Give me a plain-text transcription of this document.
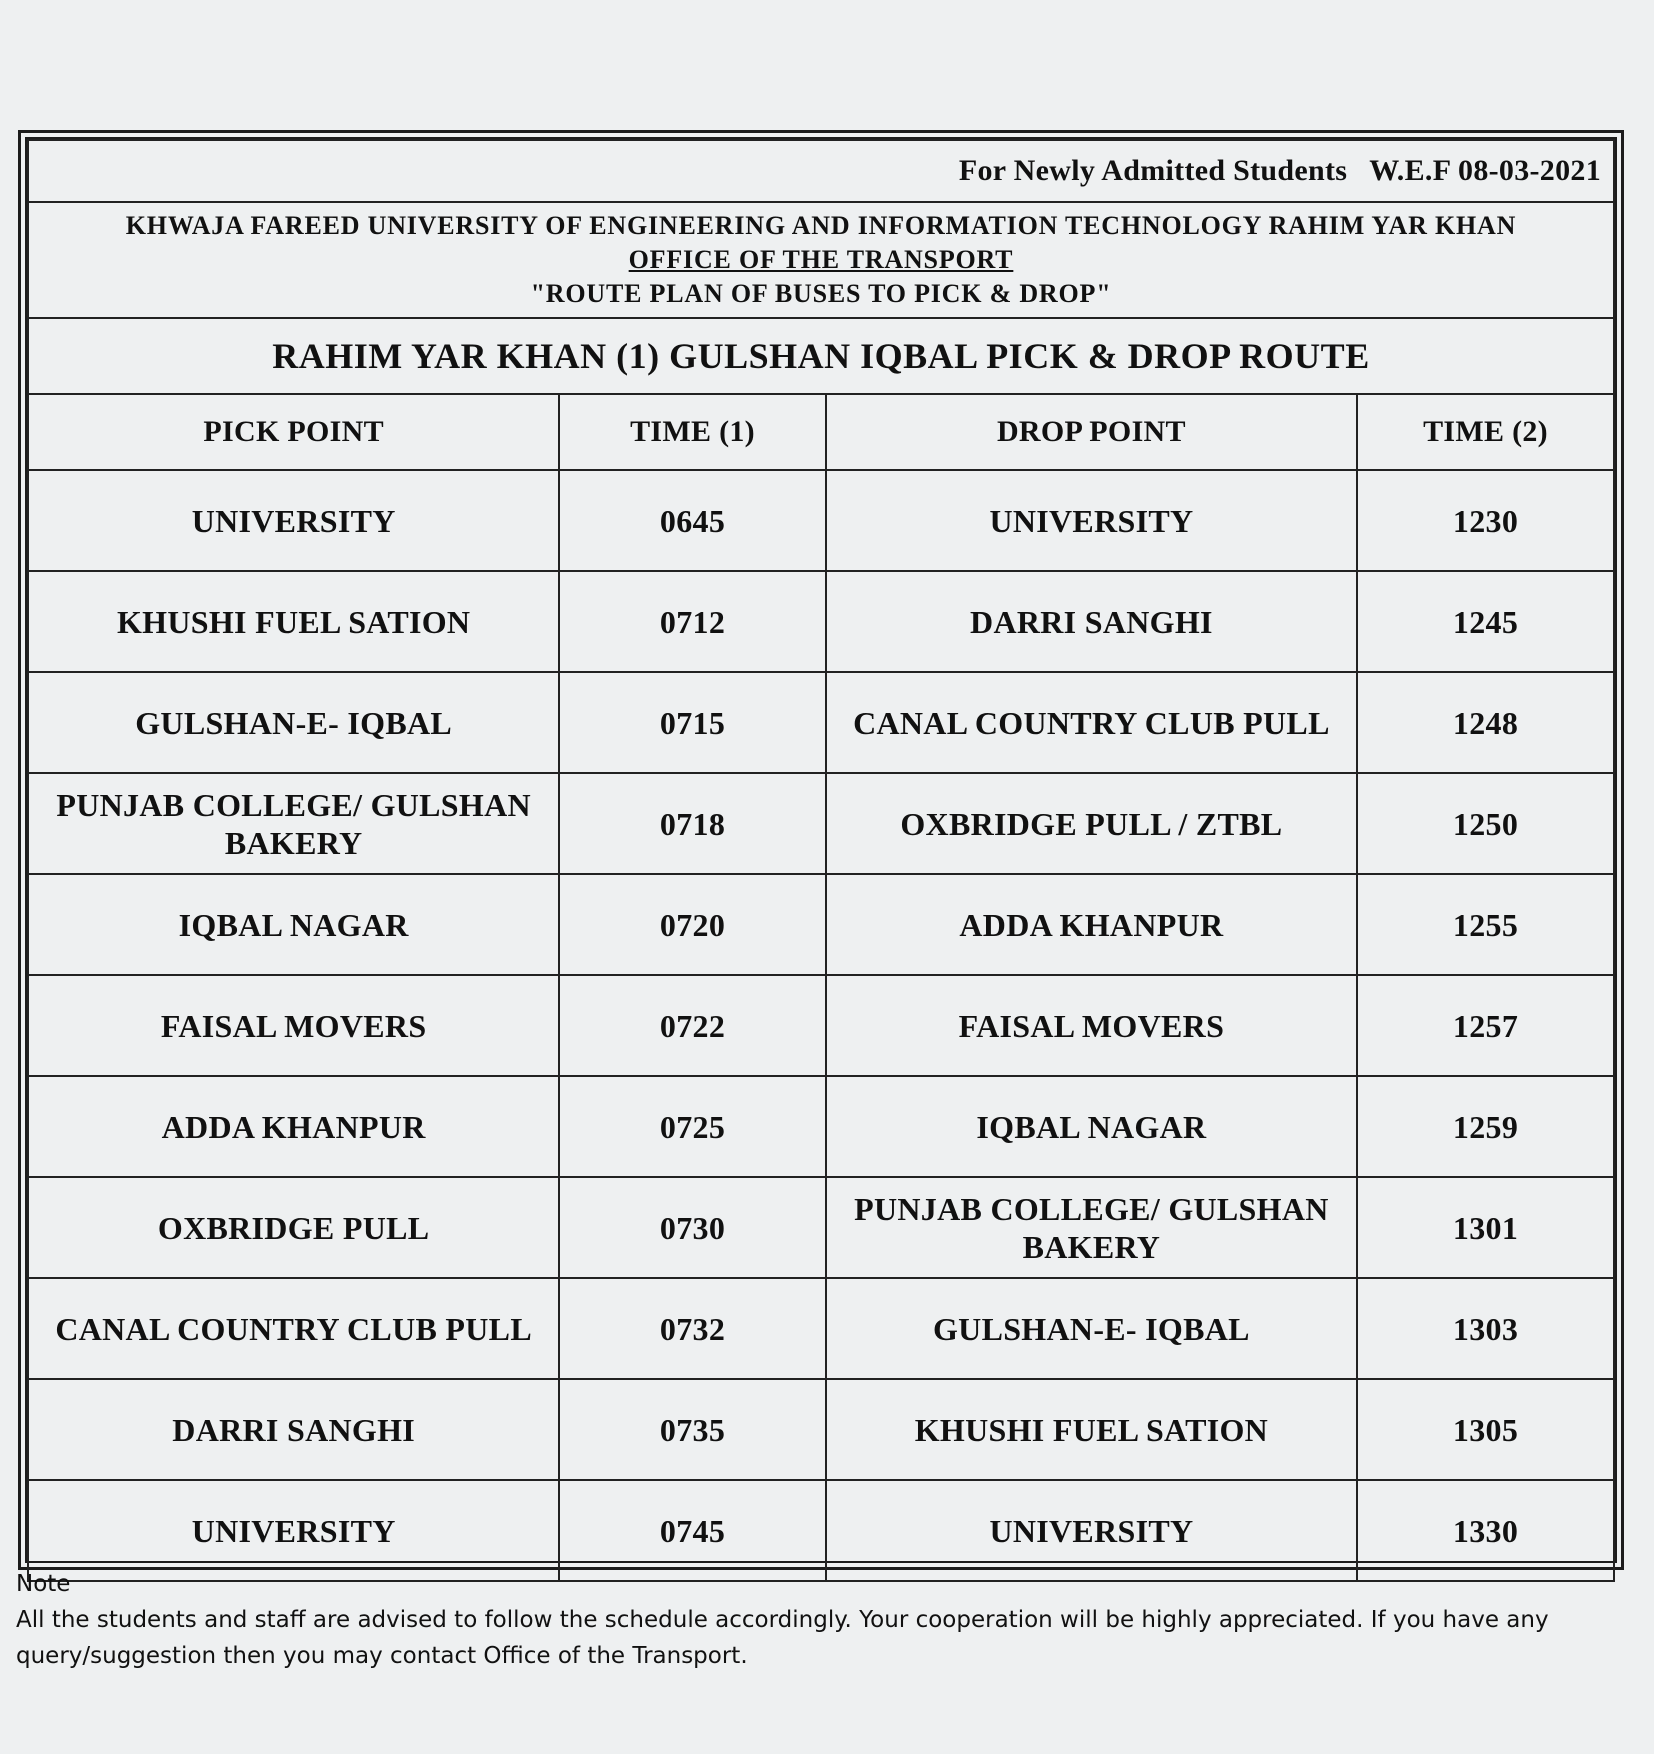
For Newly Admitted Students W.E.F 08-03-2021			

KHWAJA FAREED UNIVERSITY OF ENGINEERING AND INFORMATION TECHNOLOGY RAHIM YAR KHAN
OFFICE OF THE TRANSPORT
"ROUTE PLAN OF BUSES TO PICK & DROP"			

RAHIM YAR KHAN (1) GULSHAN IQBAL PICK & DROP ROUTE			
PICK POINT	TIME (1)	DROP POINT	TIME (2)
UNIVERSITY	0645	UNIVERSITY	1230
KHUSHI FUEL SATION	0712	DARRI SANGHI	1245
GULSHAN-E- IQBAL	0715	CANAL COUNTRY CLUB PULL	1248
PUNJAB COLLEGE/ GULSHAN BAKERY	0718	OXBRIDGE PULL / ZTBL	1250
IQBAL NAGAR	0720	ADDA KHANPUR	1255
FAISAL MOVERS	0722	FAISAL MOVERS	1257
ADDA KHANPUR	0725	IQBAL NAGAR	1259
OXBRIDGE PULL	0730	PUNJAB COLLEGE/ GULSHAN BAKERY	1301
CANAL COUNTRY CLUB PULL	0732	GULSHAN-E- IQBAL	1303
DARRI SANGHI	0735	KHUSHI FUEL SATION	1305
UNIVERSITY	0745	UNIVERSITY	1330
Note
All the students and staff are advised to follow the schedule accordingly. Your cooperation will be highly appreciated. If you have any query/suggestion then you may contact Office of the Transport.
